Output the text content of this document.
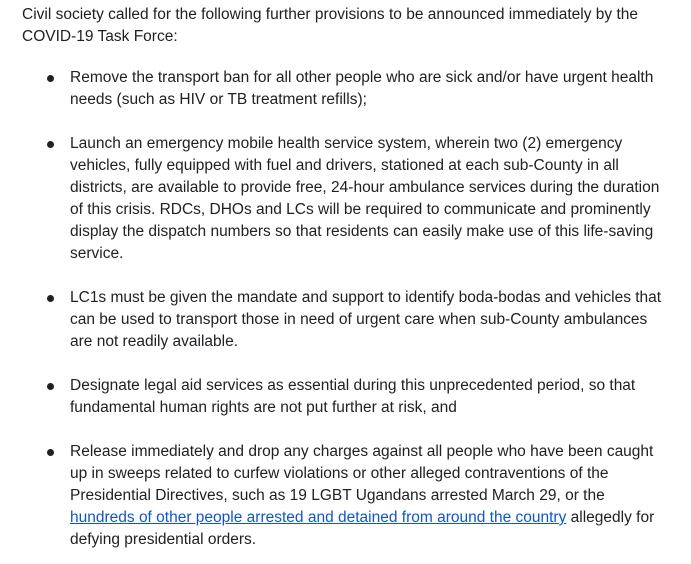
Civil society called for the following further provisions to be announced immediately by the COVID-19 Task Force:

Remove the transport ban for all other people who are sick and/or have urgent health needs (such as HIV or TB treatment refills);
Launch an emergency mobile health service system, wherein two (2) emergency vehicles, fully equipped with fuel and drivers, stationed at each sub-County in all districts, are available to provide free, 24-hour ambulance services during the duration of this crisis. RDCs, DHOs and LCs will be required to communicate and prominently display the dispatch numbers so that residents can easily make use of this life-saving service.
LC1s must be given the mandate and support to identify boda-bodas and vehicles that can be used to transport those in need of urgent care when sub-County ambulances are not readily available.
Designate legal aid services as essential during this unprecedented period, so that fundamental human rights are not put further at risk, and
Release immediately and drop any charges against all people who have been caught up in sweeps related to curfew violations or other alleged contraventions of the Presidential Directives, such as 19 LGBT Ugandans arrested March 29, or the hundreds of other people arrested and detained from around the country allegedly for defying presidential orders.
